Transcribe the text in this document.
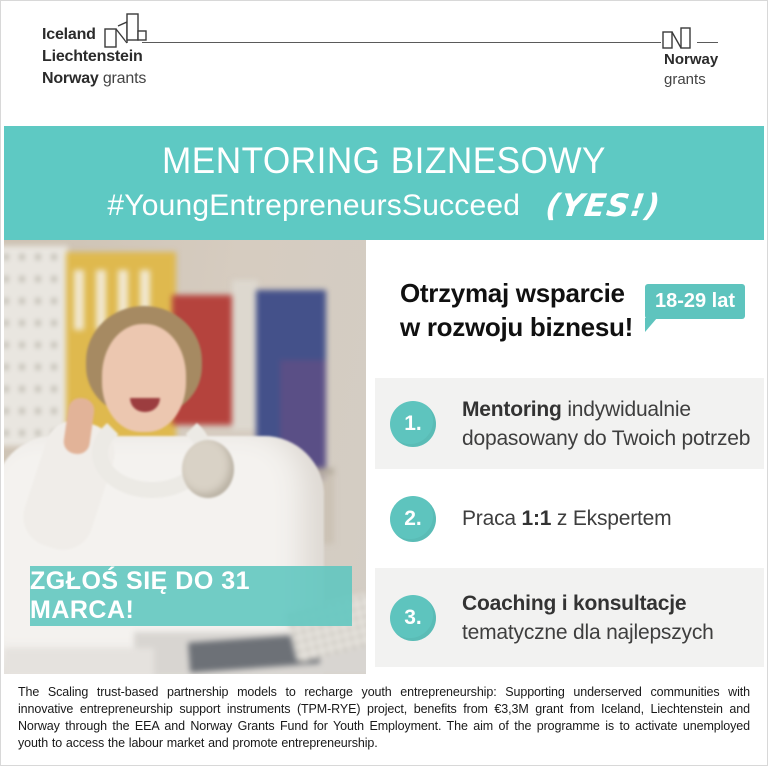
Iceland
Liechtenstein
Norway grants
Norway
grants
MENTORING BIZNESOWY
#YoungEntrepreneursSucceed (YES!)
ZGŁOŚ SIĘ DO 31 MARCA!
Otrzymaj wsparcie
w rozwoju biznesu!
18-29 lat
1.
Mentoring indywidualnie
dopasowany do Twoich potrzeb
2.	Praca 1:1 z Ekspertem
3.
Coaching i konsultacje
tematyczne dla najlepszych

The Scaling trust-based partnership models to recharge youth entrepreneurship: Supporting underserved communities with innovative entrepreneurship support instruments (TPM-RYE) project, benefits from €3,3M grant from Iceland, Liechtenstein and Norway through the EEA and Norway Grants Fund for Youth Employment. The aim of the programme is to activate unemployed youth to access the labour market and promote entrepreneurship.
